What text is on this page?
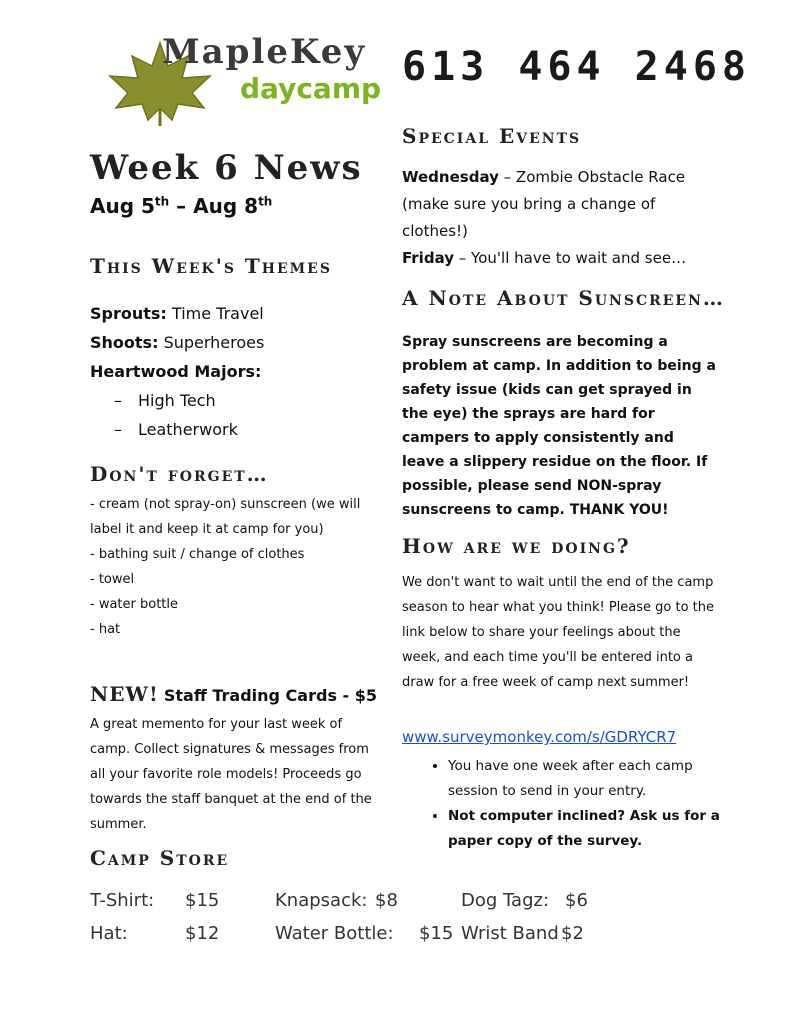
MapleKey
daycamp 613 464 2468
Week 6 News
Aug 5th – Aug 8th
This Week's Themes
Sprouts: Time Travel
Shoots: Superheroes
Heartwood Majors:
– High Tech
– Leatherwork
Don't forget…
- cream (not spray-on) sunscreen (we will label it and keep it at camp for you)
- bathing suit / change of clothes
- towel
- water bottle
- hat
NEW! Staff Trading Cards - $5
A great memento for your last week of camp. Collect signatures & messages from all your favorite role models! Proceeds go towards the staff banquet at the end of the summer.
Camp Store
T-Shirt: $15	Knapsack: $8	Dog Tagz: $6
Hat:	$12	Water Bottle: $15 Wrist Band $2
Special Events
Wednesday – Zombie Obstacle Race (make sure you bring a change of clothes!)
Friday – You'll have to wait and see…
A Note About Sunscreen…
Spray sunscreens are becoming a problem at camp. In addition to being a safety issue (kids can get sprayed in the eye) the sprays are hard for campers to apply consistently and leave a slippery residue on the floor. If possible, please send NON-spray sunscreens to camp. THANK YOU!
How are we doing?
We don't want to wait until the end of the camp season to hear what you think! Please go to the link below to share your feelings about the week, and each time you'll be entered into a draw for a free week of camp next summer!
www.surveymonkey.com/s/GDRYCR7
• You have one week after each camp session to send in your entry.
• Not computer inclined? Ask us for a paper copy of the survey.
